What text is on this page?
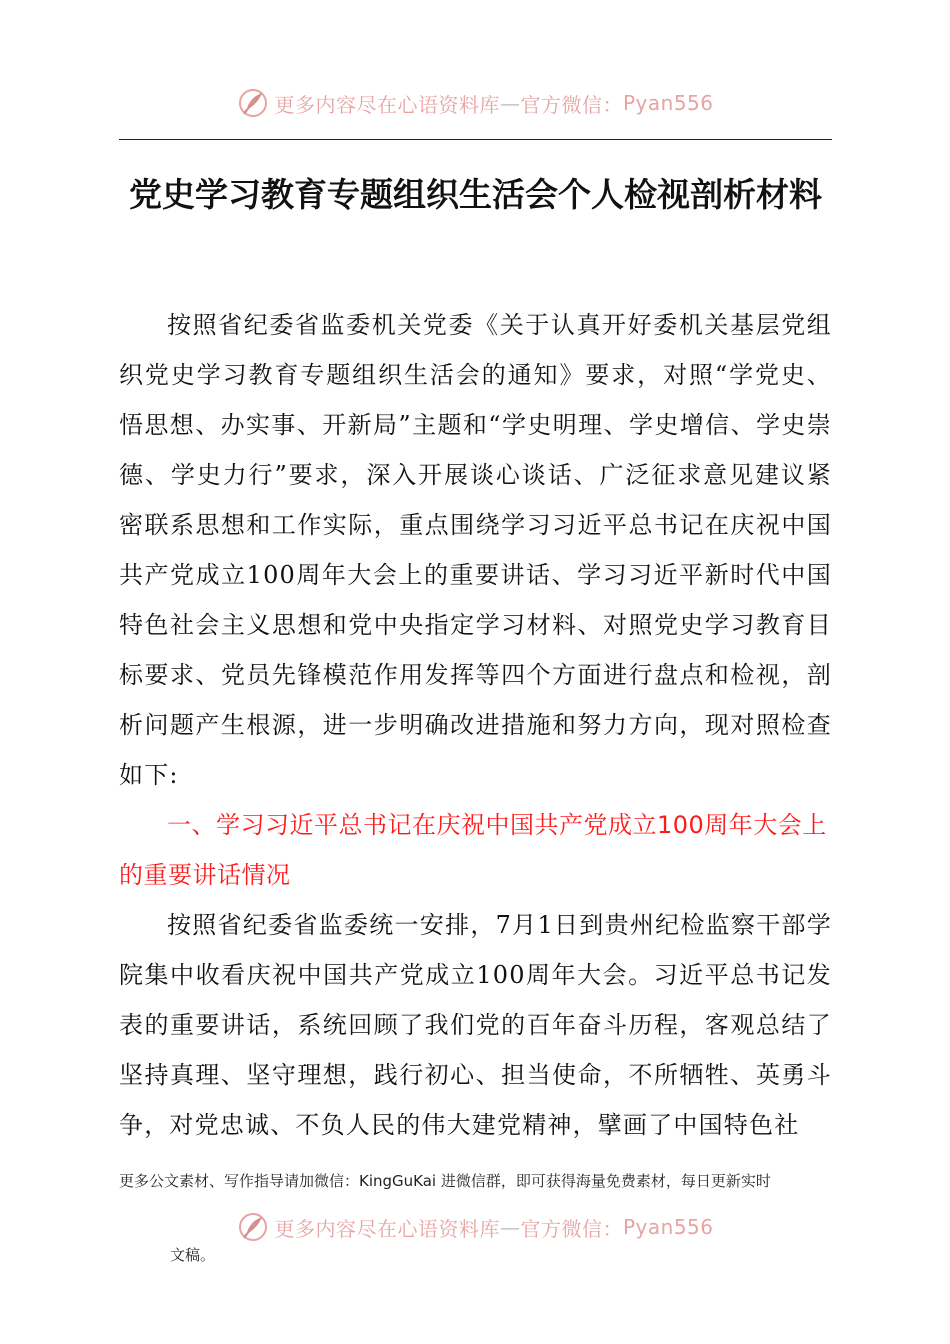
更多内容尽在心语资料库 — 官方微信： Pyan556
党史学习教育专题组织生活会个人检视剖析材料

按照省纪委省监委机关党委《关于认真开好委机关基层党组织党史学习教育专题组织生活会的通知》要求，对照“学党史、悟思想、办实事、开新局”主题和“学史明理、学史增信、学史崇德、学史力行”要求，深入开展谈心谈话、广泛征求意见建议紧密联系思想和工作实际，重点围绕学习习近平总书记在庆祝中国共产党成立100周年大会上的重要讲话、学习习近平新时代中国特色社会主义思想和党中央指定学习材料、对照党史学习教育目标要求、党员先锋模范作用发挥等四个方面进行盘点和检视，剖析问题产生根源，进一步明确改进措施和努力方向，现对照检查如下:

一、学习习近平总书记在庆祝中国共产党成立100周年大会上的重要讲话情况

按照省纪委省监委统一安排，7月1日到贵州纪检监察干部学院集中收看庆祝中国共产党成立100周年大会。习近平总书记发表的重要讲话，系统回顾了我们党的百年奋斗历程，客观总结了坚持真理、坚守理想，践行初心、担当使命，不所牺牲、英勇斗争，对党忠诚、不负人民的伟大建党精神，擘画了中国特色社

更多公文素材、写作指导请加微信：KingGuKai 进微信群，即可获得海量免费素材，每日更新实时

更多内容尽在心语资料库 — 官方微信： Pyan556

文稿。
